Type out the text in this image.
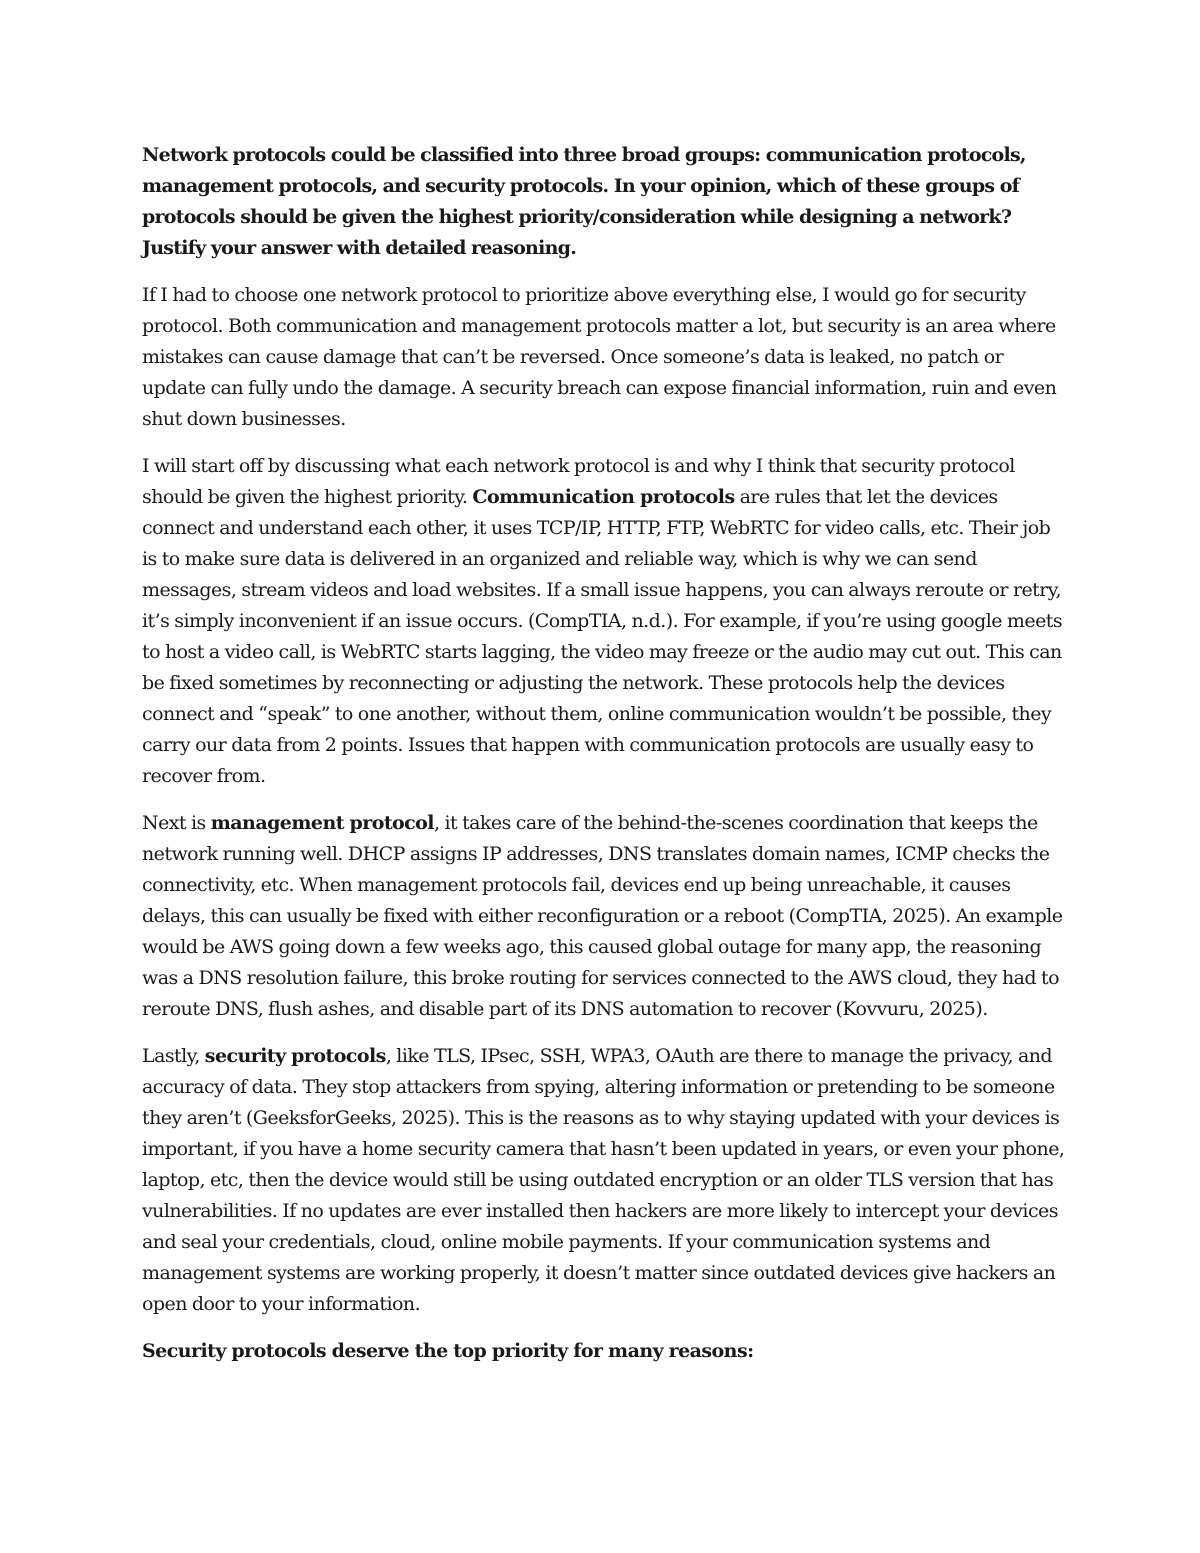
Network protocols could be classified into three broad groups: communication protocols, management protocols, and security protocols. In your opinion, which of these groups of protocols should be given the highest priority/consideration while designing a network? Justify your answer with detailed reasoning.

If I had to choose one network protocol to prioritize above everything else, I would go for security protocol. Both communication and management protocols matter a lot, but security is an area where mistakes can cause damage that can’t be reversed. Once someone’s data is leaked, no patch or update can fully undo the damage. A security breach can expose financial information, ruin and even shut down businesses.

I will start off by discussing what each network protocol is and why I think that security protocol should be given the highest priority. Communication protocols are rules that let the devices connect and understand each other, it uses TCP/IP, HTTP, FTP, WebRTC for video calls, etc. Their job is to make sure data is delivered in an organized and reliable way, which is why we can send messages, stream videos and load websites. If a small issue happens, you can always reroute or retry, it’s simply inconvenient if an issue occurs. (CompTIA, n.d.). For example, if you’re using google meets to host a video call, is WebRTC starts lagging, the video may freeze or the audio may cut out. This can be fixed sometimes by reconnecting or adjusting the network. These protocols help the devices connect and “speak” to one another, without them, online communication wouldn’t be possible, they carry our data from 2 points. Issues that happen with communication protocols are usually easy to recover from.

Next is management protocol, it takes care of the behind-the-scenes coordination that keeps the network running well. DHCP assigns IP addresses, DNS translates domain names, ICMP checks the connectivity, etc. When management protocols fail, devices end up being unreachable, it causes delays, this can usually be fixed with either reconfiguration or a reboot (CompTIA, 2025). An example would be AWS going down a few weeks ago, this caused global outage for many app, the reasoning was a DNS resolution failure, this broke routing for services connected to the AWS cloud, they had to reroute DNS, flush ashes, and disable part of its DNS automation to recover (Kovvuru, 2025).

Lastly, security protocols, like TLS, IPsec, SSH, WPA3, OAuth are there to manage the privacy, and accuracy of data. They stop attackers from spying, altering information or pretending to be someone they aren’t (GeeksforGeeks, 2025). This is the reasons as to why staying updated with your devices is important, if you have a home security camera that hasn’t been updated in years, or even your phone, laptop, etc, then the device would still be using outdated encryption or an older TLS version that has vulnerabilities. If no updates are ever installed then hackers are more likely to intercept your devices and seal your credentials, cloud, online mobile payments. If your communication systems and management systems are working properly, it doesn’t matter since outdated devices give hackers an open door to your information.

Security protocols deserve the top priority for many reasons:
